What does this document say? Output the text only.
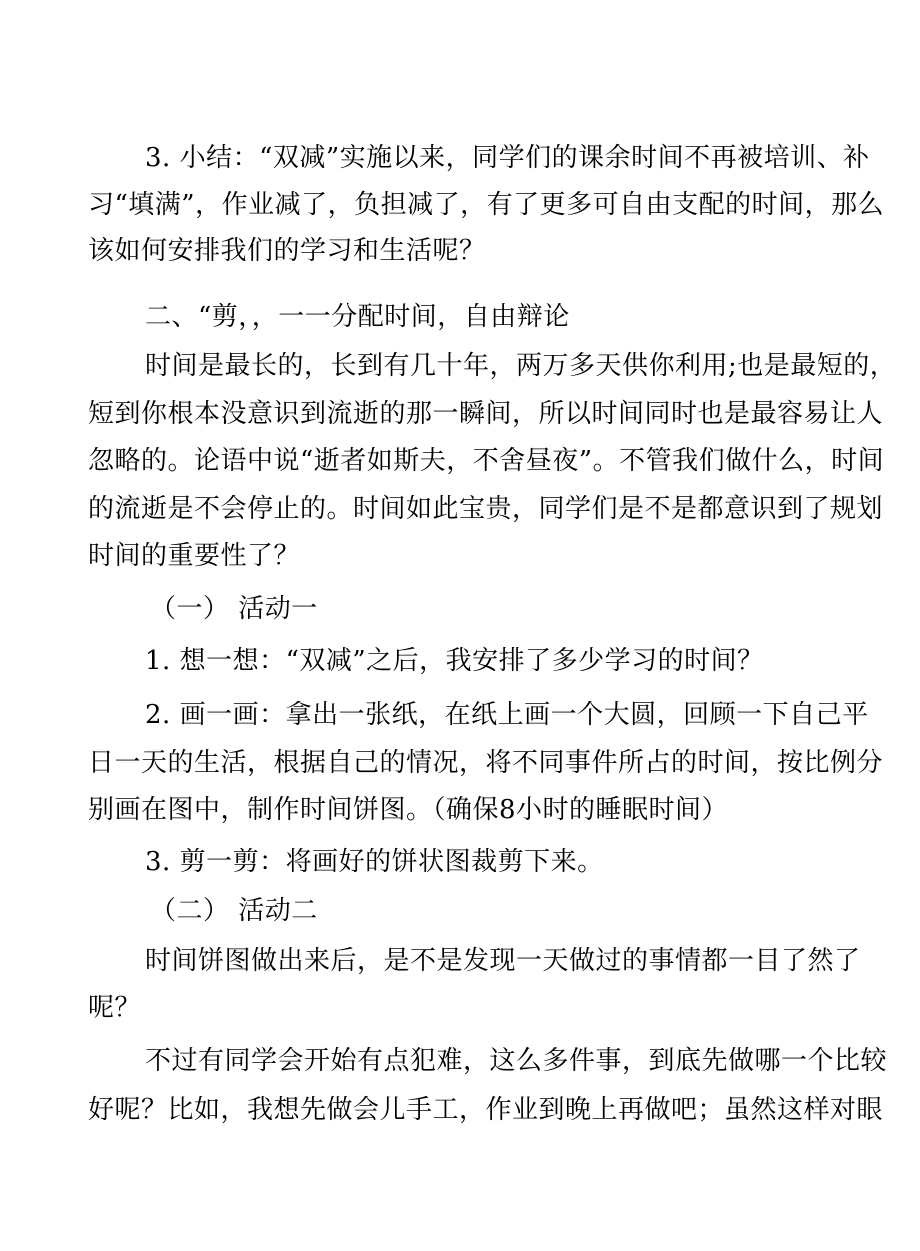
3. 小结：“双减”实施以来，同学们的课余时间不再被培训、补
习“填满”，作业减了，负担减了，有了更多可自由支配的时间，那么
该如何安排我们的学习和生活呢？
二、“剪，，一一分配时间，自由辩论
时间是最长的，长到有几十年，两万多天供你利用;也是最短的，
短到你根本没意识到流逝的那一瞬间，所以时间同时也是最容易让人
忽略的。论语中说“逝者如斯夫，不舍昼夜”。不管我们做什么，时间
的流逝是不会停止的。时间如此宝贵，同学们是不是都意识到了规划
时间的重要性了？
（一） 活动一
1. 想一想：“双减”之后，我安排了多少学习的时间？
2. 画一画：拿出一张纸，在纸上画一个大圆，回顾一下自己平
日一天的生活，根据自己的情况，将不同事件所占的时间，按比例分
别画在图中，制作时间饼图。（确保8小时的睡眠时间）
3. 剪一剪：将画好的饼状图裁剪下来。
（二） 活动二
时间饼图做出来后，是不是发现一天做过的事情都一目了然了
呢？
不过有同学会开始有点犯难，这么多件事，到底先做哪一个比较
好呢？比如，我想先做会儿手工，作业到晚上再做吧；虽然这样对眼
